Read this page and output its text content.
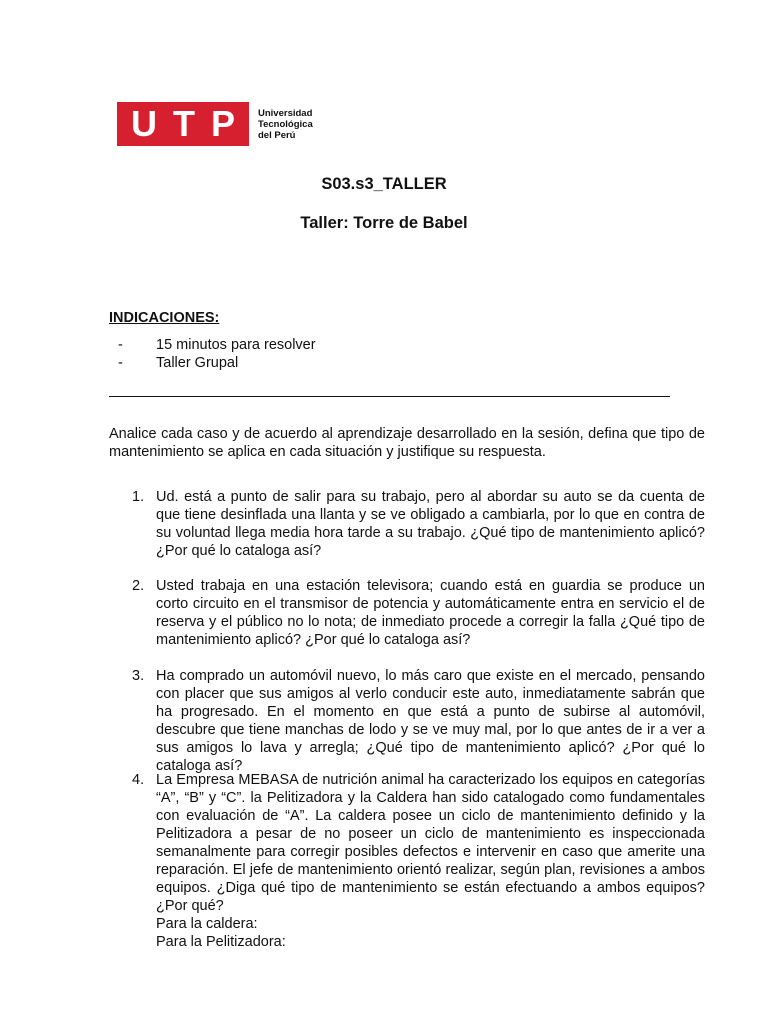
U T P Universidad
Tecnológica
del Perú
S03.s3_TALLER
Taller: Torre de Babel
INDICACIONES:
-	15 minutos para resolver
-	Taller Grupal
Analice cada caso y de acuerdo al aprendizaje desarrollado en la sesión, defina que tipo de mantenimiento se aplica en cada situación y justifique su respuesta.
1. Ud. está a punto de salir para su trabajo, pero al abordar su auto se da cuenta de que tiene desinflada una llanta y se ve obligado a cambiarla, por lo que en contra de su voluntad llega media hora tarde a su trabajo. ¿Qué tipo de mantenimiento aplicó? ¿Por qué lo cataloga así?
2. Usted trabaja en una estación televisora; cuando está en guardia se produce un corto circuito en el transmisor de potencia y automáticamente entra en servicio el de reserva y el público no lo nota; de inmediato procede a corregir la falla ¿Qué tipo de mantenimiento aplicó? ¿Por qué lo cataloga así?
3. Ha comprado un automóvil nuevo, lo más caro que existe en el mercado, pensando con placer que sus amigos al verlo conducir este auto, inmediatamente sabrán que ha progresado. En el momento en que está a punto de subirse al automóvil, descubre que tiene manchas de lodo y se ve muy mal, por lo que antes de ir a ver a sus amigos lo lava y arregla; ¿Qué tipo de mantenimiento aplicó? ¿Por qué lo cataloga así?
4. La Empresa MEBASA de nutrición animal ha caracterizado los equipos en categorías “A”, “B” y “C”. la Pelitizadora y la Caldera han sido catalogado como fundamentales con evaluación de “A”. La caldera posee un ciclo de mantenimiento definido y la Pelitizadora a pesar de no poseer un ciclo de mantenimiento es inspeccionada semanalmente para corregir posibles defectos e intervenir en caso que amerite una reparación. El jefe de mantenimiento orientó realizar, según plan, revisiones a ambos equipos. ¿Diga qué tipo de mantenimiento se están efectuando a ambos equipos? ¿Por qué?

Para la caldera:

Para la Pelitizadora:
